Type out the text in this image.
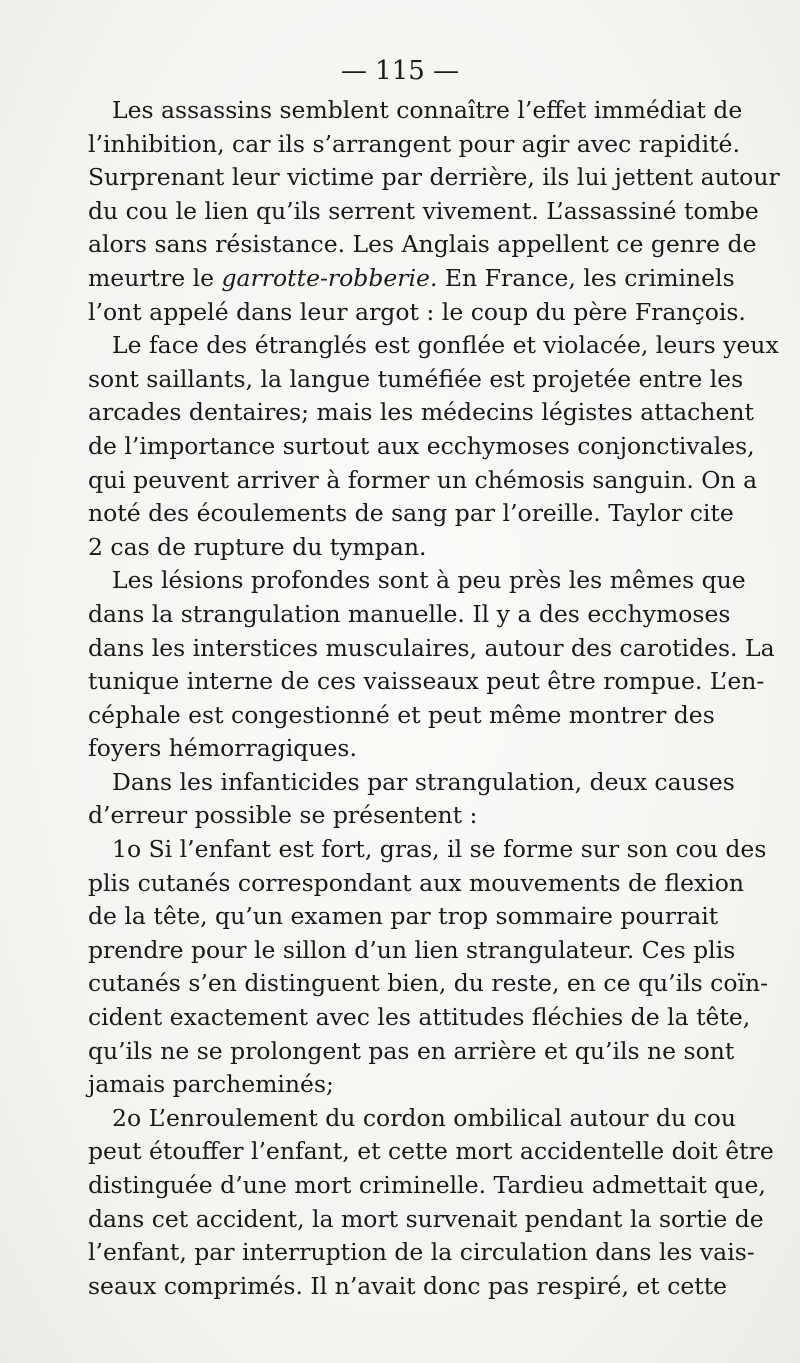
— 115 —
Les assassins semblent connaître l’effet immédiat de
l’inhibition, car ils s’arrangent pour agir avec rapidité.
Surprenant leur victime par derrière, ils lui jettent autour
du cou le lien qu’ils serrent vivement. L’assassiné tombe
alors sans résistance. Les Anglais appellent ce genre de
meurtre le garrotte-robberie. En France, les criminels
l’ont appelé dans leur argot : le coup du père François.
Le face des étranglés est gonflée et violacée, leurs yeux
sont saillants, la langue tuméfiée est projetée entre les
arcades dentaires; mais les médecins légistes attachent
de l’importance surtout aux ecchymoses conjonctivales,
qui peuvent arriver à former un chémosis sanguin. On a
noté des écoulements de sang par l’oreille. Taylor cite
2 cas de rupture du tympan.
Les lésions profondes sont à peu près les mêmes que
dans la strangulation manuelle. Il y a des ecchymoses
dans les interstices musculaires, autour des carotides. La
tunique interne de ces vaisseaux peut être rompue. L’en-
céphale est congestionné et peut même montrer des
foyers hémorragiques.
Dans les infanticides par strangulation, deux causes
d’erreur possible se présentent :
1o Si l’enfant est fort, gras, il se forme sur son cou des
plis cutanés correspondant aux mouvements de flexion
de la tête, qu’un examen par trop sommaire pourrait
prendre pour le sillon d’un lien strangulateur. Ces plis
cutanés s’en distinguent bien, du reste, en ce qu’ils coïn-
cident exactement avec les attitudes fléchies de la tête,
qu’ils ne se prolongent pas en arrière et qu’ils ne sont
jamais parcheminés;
2o L’enroulement du cordon ombilical autour du cou
peut étouffer l’enfant, et cette mort accidentelle doit être
distinguée d’une mort criminelle. Tardieu admettait que,
dans cet accident, la mort survenait pendant la sortie de
l’enfant, par interruption de la circulation dans les vais-
seaux comprimés. Il n’avait donc pas respiré, et cette
